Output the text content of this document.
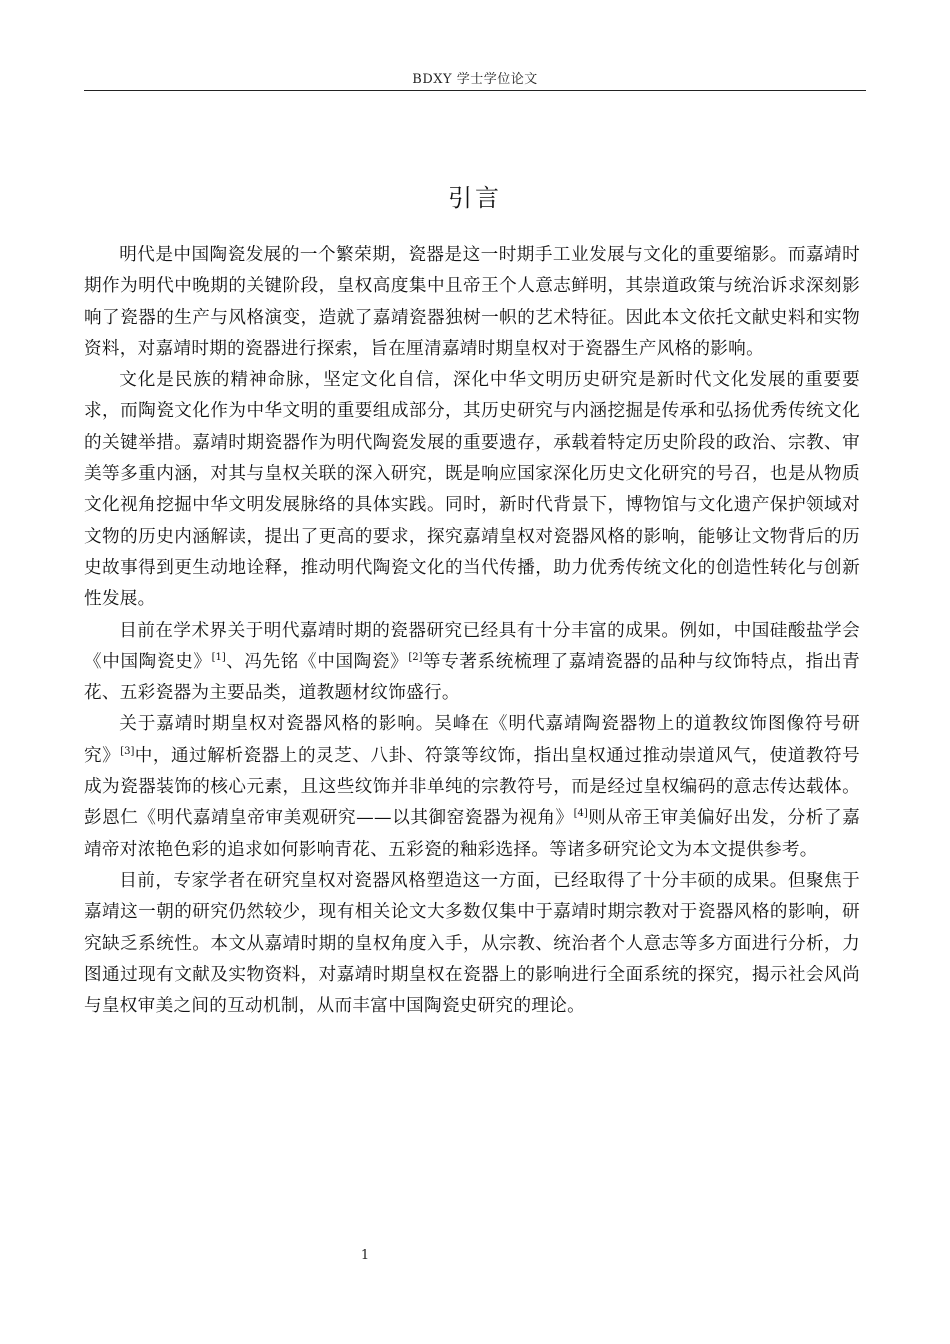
BDXY 学士学位论文
引言

明代是中国陶瓷发展的一个繁荣期，瓷器是这一时期手工业发展与文化的重要缩影。而嘉靖时期作为明代中晚期的关键阶段，皇权高度集中且帝王个人意志鲜明，其崇道政策与统治诉求深刻影响了瓷器的生产与风格演变，造就了嘉靖瓷器独树一帜的艺术特征。因此本文依托文献史料和实物资料，对嘉靖时期的瓷器进行探索，旨在厘清嘉靖时期皇权对于瓷器生产风格的影响。

文化是民族的精神命脉，坚定文化自信，深化中华文明历史研究是新时代文化发展的重要要求，而陶瓷文化作为中华文明的重要组成部分，其历史研究与内涵挖掘是传承和弘扬优秀传统文化的关键举措。嘉靖时期瓷器作为明代陶瓷发展的重要遗存，承载着特定历史阶段的政治、宗教、审美等多重内涵，对其与皇权关联的深入研究，既是响应国家深化历史文化研究的号召，也是从物质文化视角挖掘中华文明发展脉络的具体实践。同时，新时代背景下，博物馆与文化遗产保护领域对文物的历史内涵解读，提出了更高的要求，探究嘉靖皇权对瓷器风格的影响，能够让文物背后的历史故事得到更生动地诠释，推动明代陶瓷文化的当代传播，助力优秀传统文化的创造性转化与创新性发展。

目前在学术界关于明代嘉靖时期的瓷器研究已经具有十分丰富的成果。例如，中国硅酸盐学会《中国陶瓷史》[1]、冯先铭《中国陶瓷》[2]等专著系统梳理了嘉靖瓷器的品种与纹饰特点，指出青花、五彩瓷器为主要品类，道教题材纹饰盛行。

关于嘉靖时期皇权对瓷器风格的影响。吴峰在《明代嘉靖陶瓷器物上的道教纹饰图像符号研究》[3]中，通过解析瓷器上的灵芝、八卦、符箓等纹饰，指出皇权通过推动崇道风气，使道教符号成为瓷器装饰的核心元素，且这些纹饰并非单纯的宗教符号，而是经过皇权编码的意志传达载体。彭恩仁《明代嘉靖皇帝审美观研究——以其御窑瓷器为视角》[4]则从帝王审美偏好出发，分析了嘉靖帝对浓艳色彩的追求如何影响青花、五彩瓷的釉彩选择。等诸多研究论文为本文提供参考。

目前，专家学者在研究皇权对瓷器风格塑造这一方面，已经取得了十分丰硕的成果。但聚焦于嘉靖这一朝的研究仍然较少，现有相关论文大多数仅集中于嘉靖时期宗教对于瓷器风格的影响，研究缺乏系统性。本文从嘉靖时期的皇权角度入手，从宗教、统治者个人意志等多方面进行分析，力图通过现有文献及实物资料，对嘉靖时期皇权在瓷器上的影响进行全面系统的探究，揭示社会风尚与皇权审美之间的互动机制，从而丰富中国陶瓷史研究的理论。

1
